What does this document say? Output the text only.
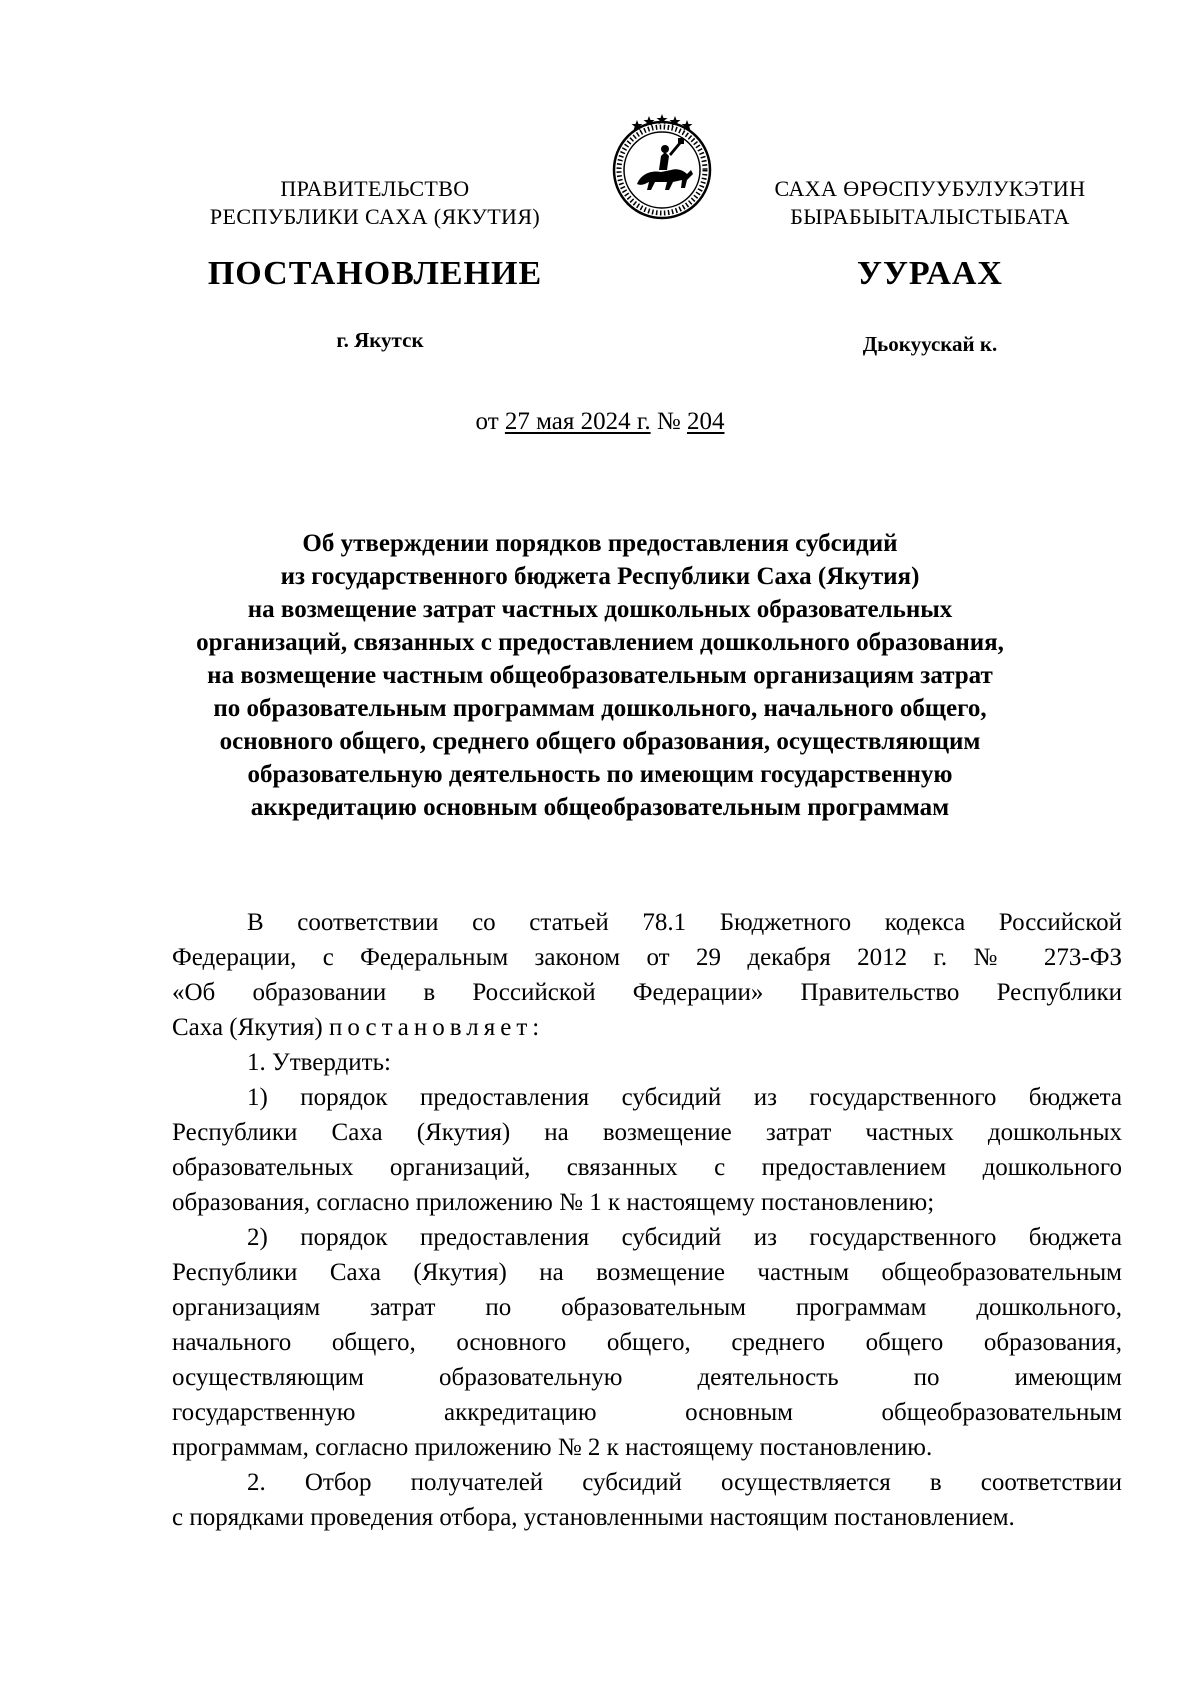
ПРАВИТЕЛЬСТВО
РЕСПУБЛИКИ САХА (ЯКУТИЯ)
САХА ӨРӨСПУУБУЛУКЭТИН
БЫРАБЫЫТАЛЫСТЫБАТА
ПОСТАНОВЛЕНИЕ	УУРААХ
г. Якутск	Дьокуускай к.
от 27 мая 2024 г. № 204
Об утверждении порядков предоставления субсидий
из государственного бюджета Республики Саха (Якутия)
на возмещение затрат частных дошкольных образовательных
организаций, связанных с предоставлением дошкольного образования,
на возмещение частным общеобразовательным организациям затрат
по образовательным программам дошкольного, начального общего,
основного общего, среднего общего образования, осуществляющим
образовательную деятельность по имеющим государственную
аккредитацию основным общеобразовательным программам
В соответствии со статьей 78.1 Бюджетного кодекса Российской
Федерации, с Федеральным законом от 29 декабря 2012 г. № 273-ФЗ
«Об образовании в Российской Федерации» Правительство Республики
Саха (Якутия) постановляет:
1. Утвердить:
1) порядок предоставления субсидий из государственного бюджета
Республики Саха (Якутия) на возмещение затрат частных дошкольных
образовательных организаций, связанных с предоставлением дошкольного
образования, согласно приложению № 1 к настоящему постановлению;
2) порядок предоставления субсидий из государственного бюджета
Республики Саха (Якутия) на возмещение частным общеобразовательным
организациям затрат по образовательным программам дошкольного,
начального общего, основного общего, среднего общего образования,
осуществляющим образовательную деятельность по имеющим
государственную аккредитацию основным общеобразовательным
программам, согласно приложению № 2 к настоящему постановлению.
2. Отбор получателей субсидий осуществляется в соответствии
с порядками проведения отбора, установленными настоящим постановлением.
